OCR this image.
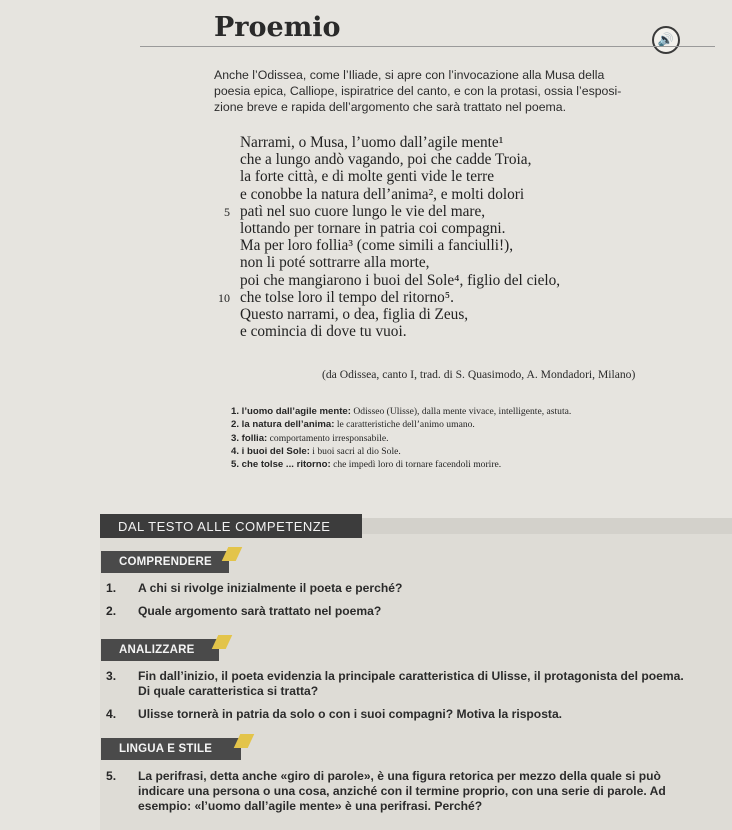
Proemio	🔊
Anche l’Odissea, come l’Iliade, si apre con l’invocazione alla Musa della
poesia epica, Calliope, ispiratrice del canto, e con la protasi, ossia l’esposi-
zione breve e rapida dell’argomento che sarà trattato nel poema.
Narrami, o Musa, l’uomo dall’agile mente¹
che a lungo andò vagando, poi che cadde Troia,
la forte città, e di molte genti vide le terre
e conobbe la natura dell’anima², e molti dolori
5 patì nel suo cuore lungo le vie del mare,
lottando per tornare in patria coi compagni.
Ma per loro follia³ (come simili a fanciulli!),
non li poté sottrarre alla morte,
poi che mangiarono i buoi del Sole⁴, figlio del cielo,
10 che tolse loro il tempo del ritorno⁵.
Questo narrami, o dea, figlia di Zeus,
e comincia di dove tu vuoi.
(da Odissea, canto I, trad. di S. Quasimodo, A. Mondadori, Milano)
1. l’uomo dall’agile mente: Odisseo (Ulisse), dalla mente vivace, intelligente, astuta.
2. la natura dell’anima: le caratteristiche dell’animo umano.
3. follia: comportamento irresponsabile.
4. i buoi del Sole: i buoi sacri al dio Sole.
5. che tolse ... ritorno: che impedì loro di tornare facendoli morire.
DAL TESTO ALLE COMPETENZE
COMPRENDERE
1. A chi si rivolge inizialmente il poeta e perché?
2. Quale argomento sarà trattato nel poema?
ANALIZZARE
3. Fin dall’inizio, il poeta evidenzia la principale caratteristica di Ulisse, il protagonista del poema. Di quale caratteristica si tratta?
4. Ulisse tornerà in patria da solo o con i suoi compagni? Motiva la risposta.
LINGUA E STILE
5. La perifrasi, detta anche «giro di parole», è una figura retorica per mezzo della quale si può indicare una persona o una cosa, anziché con il termine proprio, con una serie di parole. Ad esempio: «l’uomo dall’agile mente» è una perifrasi. Perché?
